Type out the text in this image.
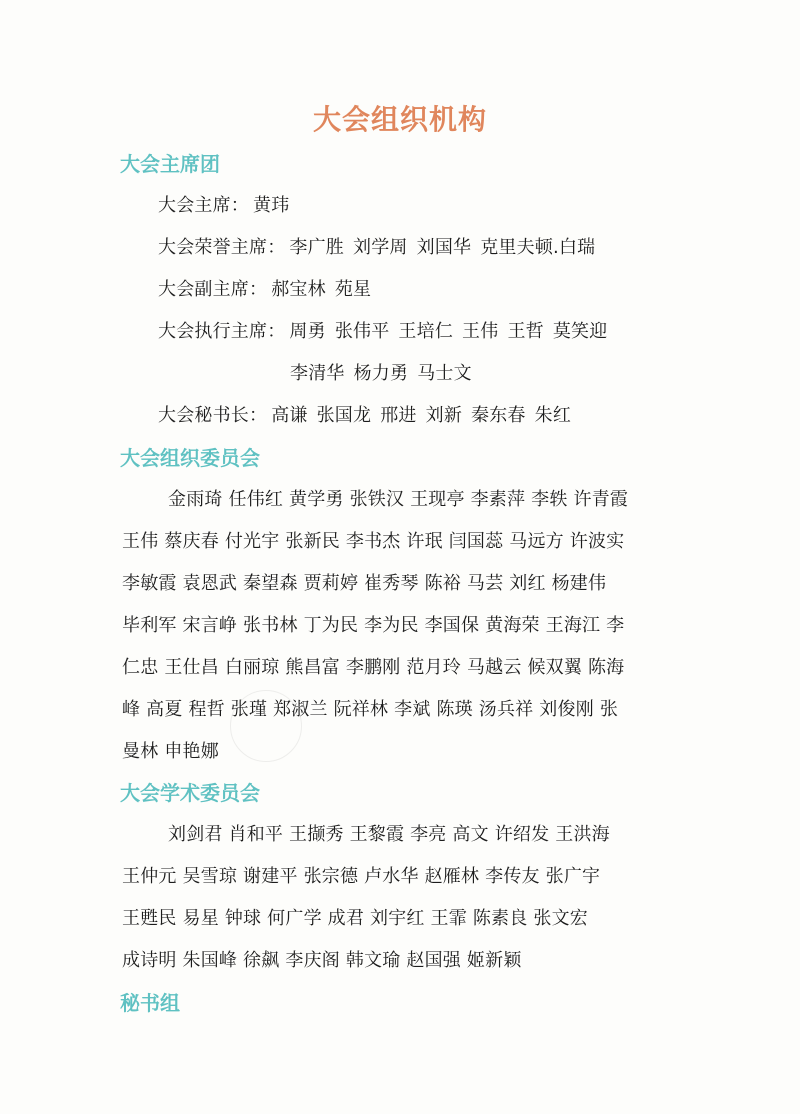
大会组织机构
大会主席团
大会主席： 黄玮
大会荣誉主席： 李广胜 刘学周 刘国华 克里夫顿.白瑞
大会副主席： 郝宝林 苑星
大会执行主席： 周勇 张伟平 王培仁 王伟 王哲 莫笑迎
李清华 杨力勇 马士文
大会秘书长： 高谦 张国龙 邢进 刘新 秦东春 朱红
大会组织委员会
金雨琦 任伟红 黄学勇 张铁汉 王现亭 李素萍 李轶 许青霞
王伟 蔡庆春 付光宇 张新民 李书杰 许珉 闫国蕊 马远方 许波实
李敏霞 袁恩武 秦望森 贾莉婷 崔秀琴 陈裕 马芸 刘红 杨建伟
毕利军 宋言峥 张书林 丁为民 李为民 李国保 黄海荣 王海江 李
仁忠 王仕昌 白丽琼 熊昌富 李鹏刚 范月玲 马越云 候双翼 陈海
峰 高夏 程哲 张瑾 郑淑兰 阮祥林 李斌 陈瑛 汤兵祥 刘俊刚 张
曼林 申艳娜
大会学术委员会
刘剑君 肖和平 王撷秀 王黎霞 李亮 高文 许绍发 王洪海
王仲元 吴雪琼 谢建平 张宗德 卢水华 赵雁林 李传友 张广宇
王甦民 易星 钟球 何广学 成君 刘宇红 王霏 陈素良 张文宏
成诗明 朱国峰 徐飙 李庆阁 韩文瑜 赵国强 姬新颖
秘书组
